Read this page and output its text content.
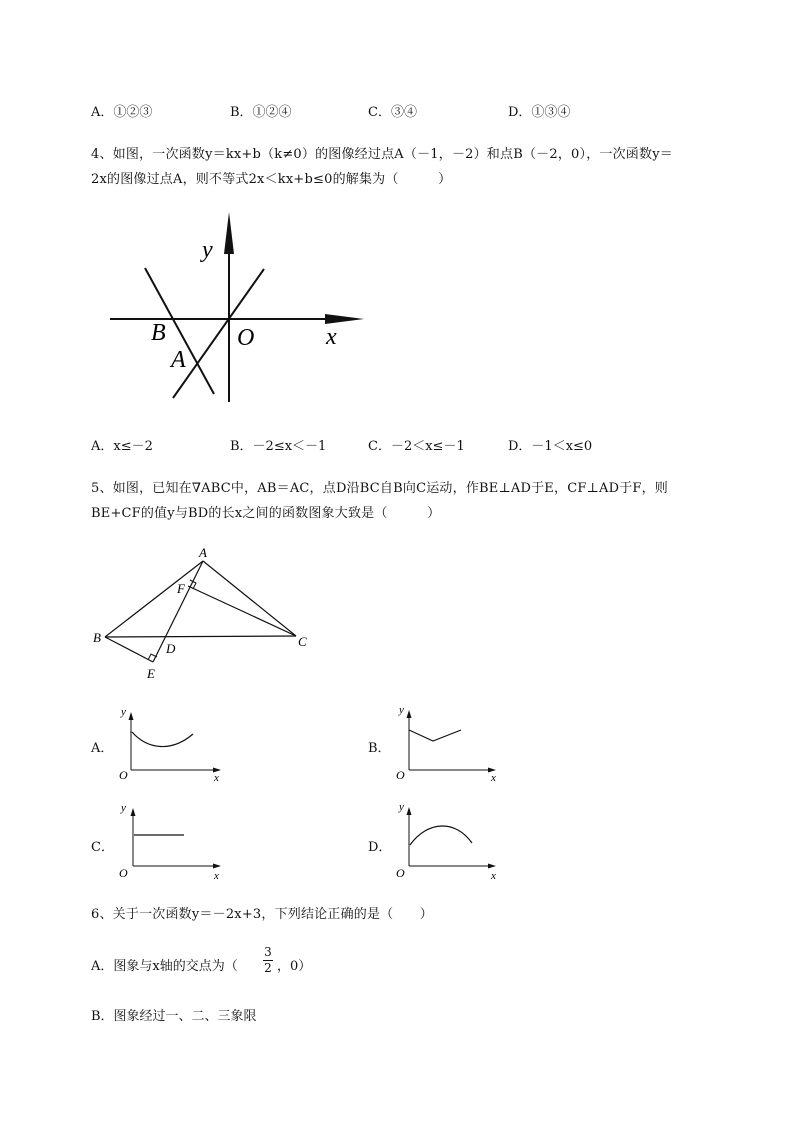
A．①②③	B．①②④	C．③④	D．①③④
4、如图，一次函数y＝kx+b（k≠0）的图像经过点A（－1，－2）和点B（－2，0），一次函数y＝
2x的图像过点A，则不等式2x＜kx+b≤0的解集为（　　　）
y
x
O
B
A
A．x≤－2	B．－2≤x＜－1	C．－2＜x≤－1	D．－1＜x≤0
5、如图，已知在∇ABC中，AB＝AC，点D沿BC自B向C运动，作BE⊥AD于E，CF⊥AD于F，则
BE+CF的值y与BD的长x之间的函数图象大致是（　　　）
A
B	C
D
E
F
A．
y
x
O
B．
y
x
O
C．
y
x
O
D．
y
x
O
6、关于一次函数y＝－2x+3，下列结论正确的是（　　）
A．图象与x轴的交点为（
3
2 ，0）
B．图象经过一、二、三象限
